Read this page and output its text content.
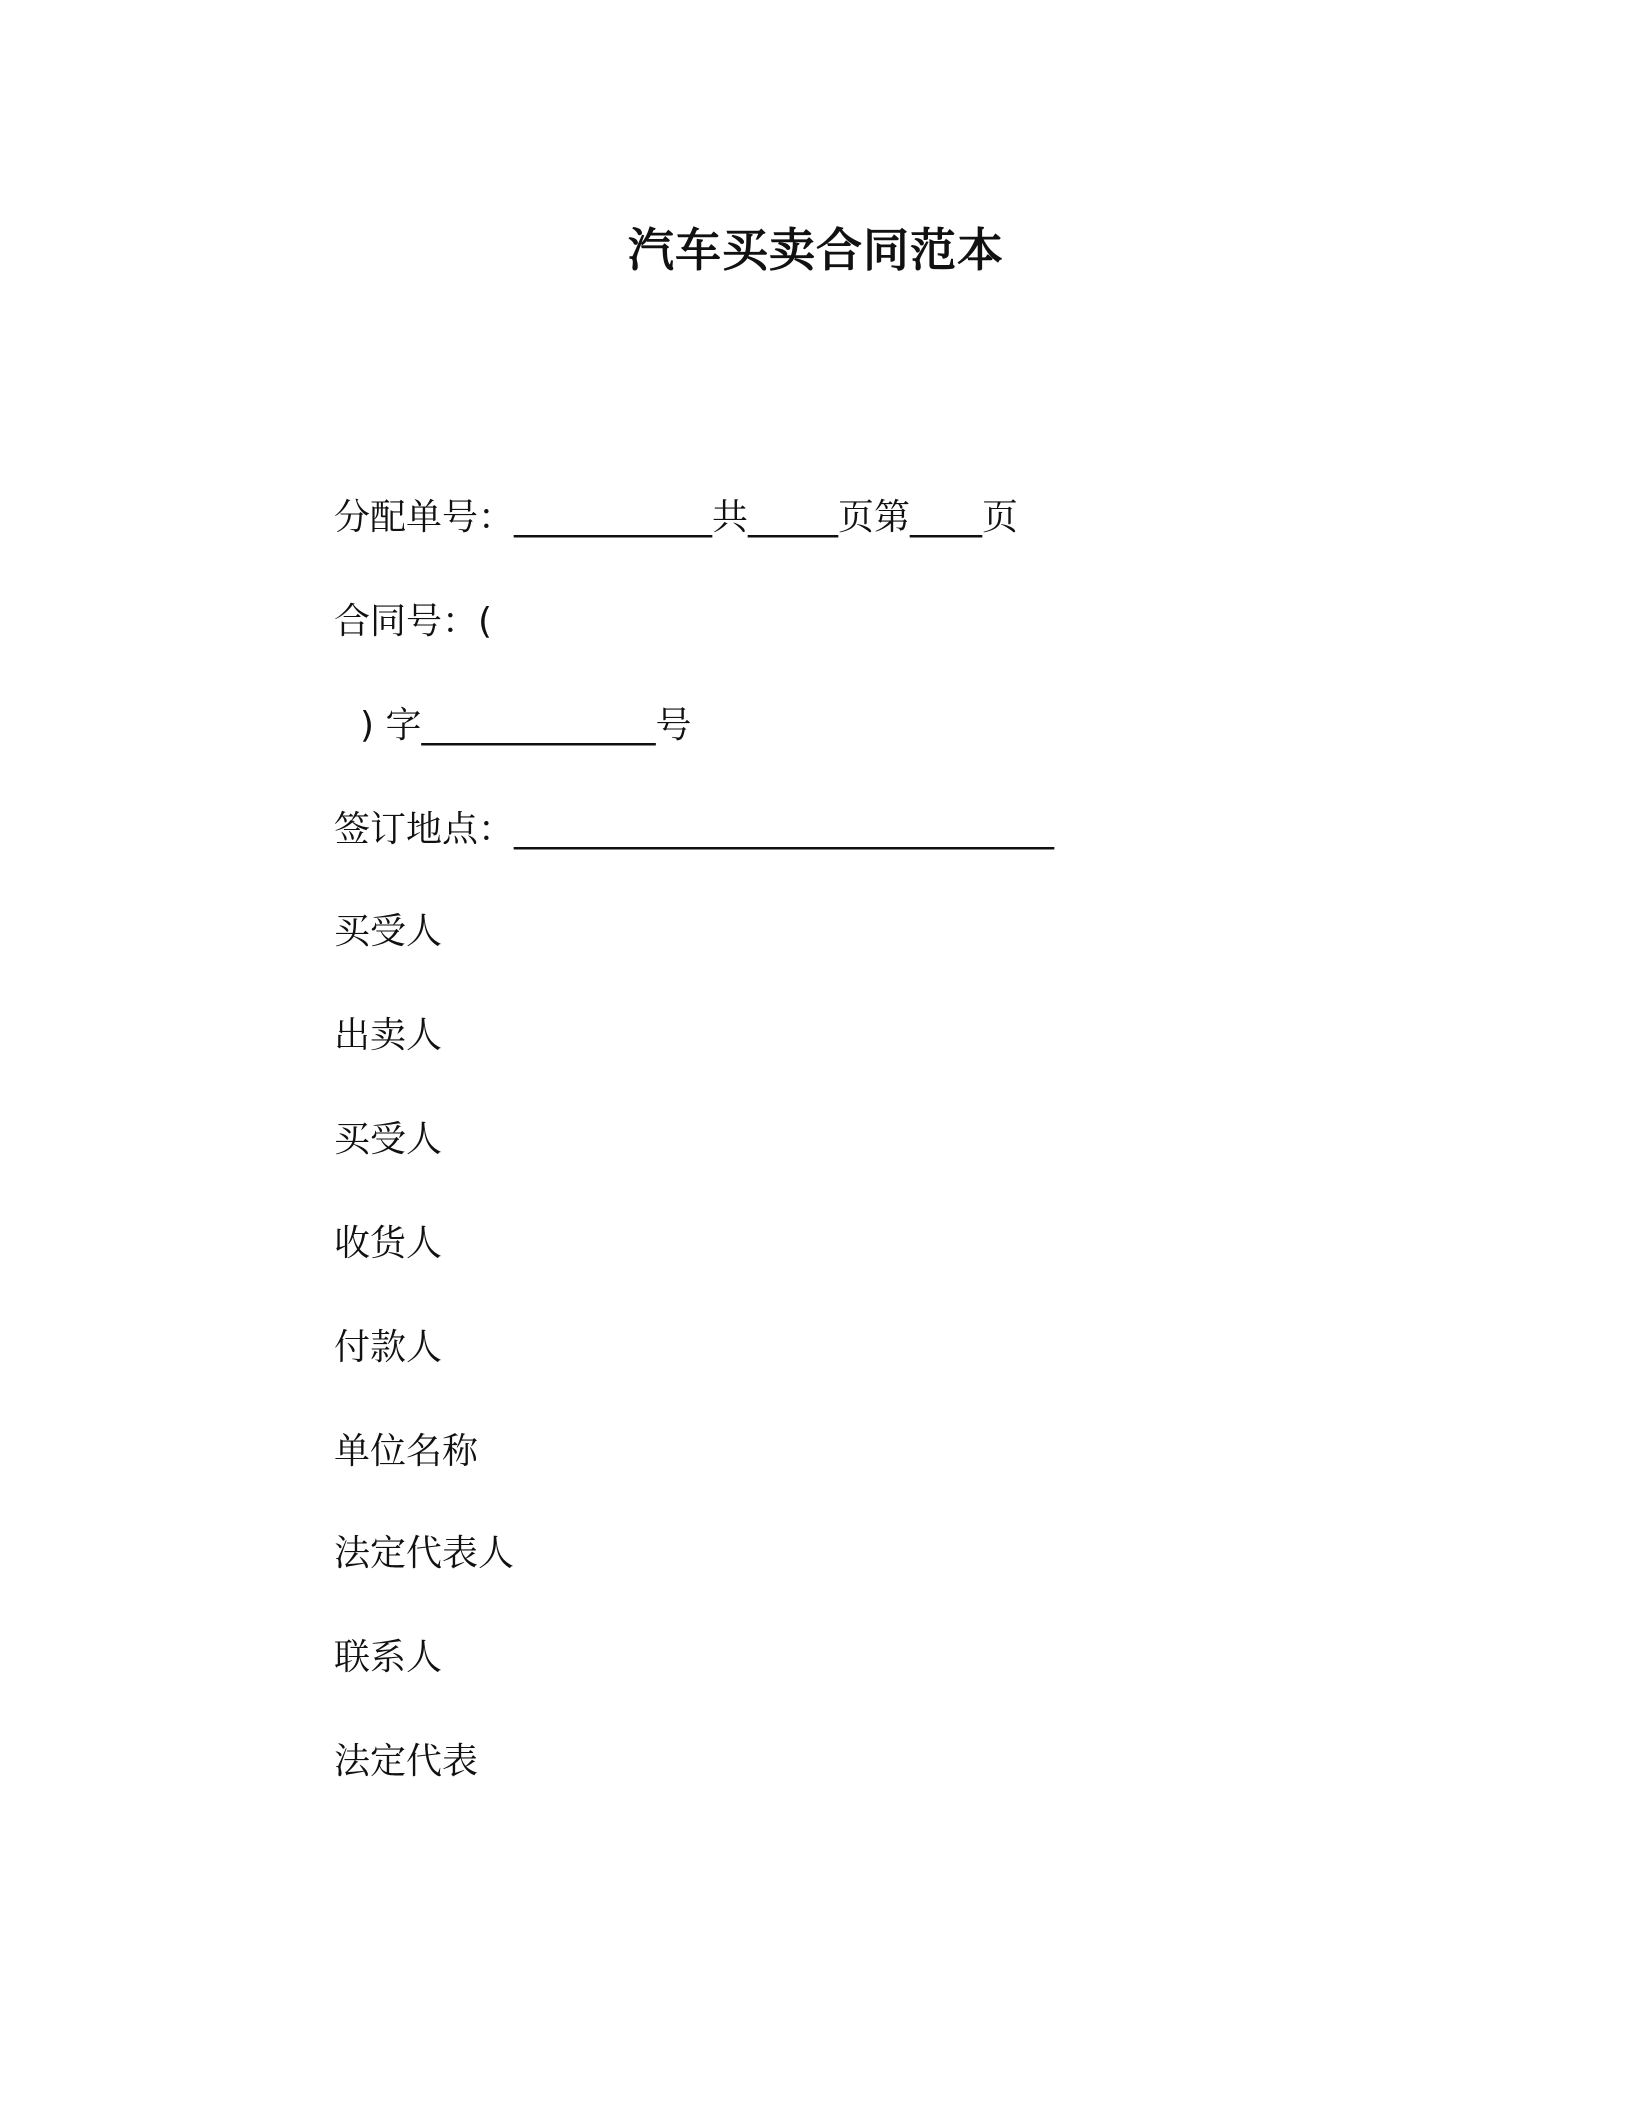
汽车买卖合同范本
分配单号：___________共_____页第____页
合同号：(
) 字_____________号
签订地点：______________________________
买受人
出卖人
买受人
收货人
付款人
单位名称
法定代表人
联系人
法定代表
